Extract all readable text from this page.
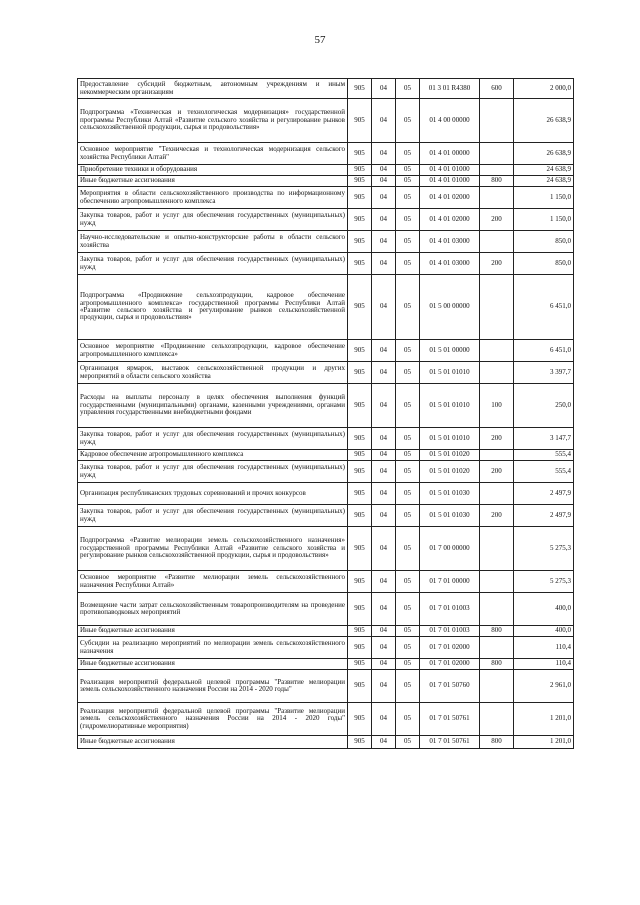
57
Предоставление субсидий бюджетным, автономным учреждениям и иным некоммерческим организациям	905	04	05	01 3 01 R4380	600	2 000,0
Подпрограмма «Техническая и технологическая модернизация» государственной программы Республики Алтай «Развитие сельского хозяйства и регулирование рынков сельскохозяйственной продукции, сырья и продовольствия»	905	04	05	01 4 00 00000		26 638,9
Основное мероприятие "Техническая и технологическая модернизация сельского хозяйства Республики Алтай"	905	04	05	01 4 01 00000		26 638,9
Приобретение техники и оборудования	905	04	05	01 4 01 01000		24 638,9
Иные бюджетные ассигнования	905	04	05	01 4 01 01000	800	24 638,9
Мероприятия в области сельскохозяйственного производства по информационному обеспечению агропромышленного комплекса	905	04	05	01 4 01 02000		1 150,0
Закупка товаров, работ и услуг для обеспечения государственных (муниципальных) нужд	905	04	05	01 4 01 02000	200	1 150,0
Научно-исследовательские и опытно-конструкторские работы в области сельского хозяйства	905	04	05	01 4 01 03000		850,0
Закупка товаров, работ и услуг для обеспечения государственных (муниципальных) нужд	905	04	05	01 4 01 03000	200	850,0
Подпрограмма «Продвижение сельхозпродукции, кадровое обеспечение агропромышленного комплекса» государственной программы Республики Алтай «Развитие сельского хозяйства и регулирование рынков сельскохозяйственной продукции, сырья и продовольствия»	905	04	05	01 5 00 00000		6 451,0
Основное мероприятие «Продвижение сельхозпродукции, кадровое обеспечение агропромышленного комплекса»	905	04	05	01 5 01 00000		6 451,0
Организация ярмарок, выставок сельскохозяйственной продукции и других мероприятий в области сельского хозяйства	905	04	05	01 5 01 01010		3 397,7
Расходы на выплаты персоналу в целях обеспечения выполнения функций государственными (муниципальными) органами, казенными учреждениями, органами управления государственными внебюджетными фондами	905	04	05	01 5 01 01010	100	250,0
Закупка товаров, работ и услуг для обеспечения государственных (муниципальных) нужд	905	04	05	01 5 01 01010	200	3 147,7
Кадровое обеспечение агропромышленного комплекса	905	04	05	01 5 01 01020		555,4
Закупка товаров, работ и услуг для обеспечения государственных (муниципальных) нужд	905	04	05	01 5 01 01020	200	555,4
Организация республиканских трудовых соревнований и прочих конкурсов	905	04	05	01 5 01 01030		2 497,9
Закупка товаров, работ и услуг для обеспечения государственных (муниципальных) нужд	905	04	05	01 5 01 01030	200	2 497,9
Подпрограмма «Развитие мелиорации земель сельскохозяйственного назначения» государственной программы Республики Алтай «Развитие сельского хозяйства и регулирование рынков сельскохозяйственной продукции, сырья и продовольствия»	905	04	05	01 7 00 00000		5 275,3
Основное мероприятие «Развитие мелиорации земель сельскохозяйственного назначения Республики Алтай»	905	04	05	01 7 01 00000		5 275,3
Возмещение части затрат сельскохозяйственным товаропроизводителям на проведение противопаводковых мероприятий	905	04	05	01 7 01 01003		400,0
Иные бюджетные ассигнования	905	04	05	01 7 01 01003	800	400,0
Субсидии на реализацию мероприятий по мелиорации земель сельскохозяйственного назначения	905	04	05	01 7 01 02000		110,4
Иные бюджетные ассигнования	905	04	05	01 7 01 02000	800	110,4
Реализация мероприятий федеральной целевой программы "Развитие мелиорации земель сельскохозяйственного назначения России на 2014 - 2020 годы"	905	04	05	01 7 01 50760		2 961,0
Реализация мероприятий федеральной целевой программы "Развитие мелиорации земель сельскохозяйственного назначения России на 2014 - 2020 годы" (гидромелиоративные мероприятия)	905	04	05	01 7 01 50761		1 201,0
Иные бюджетные ассигнования	905	04	05	01 7 01 50761	800	1 201,0
